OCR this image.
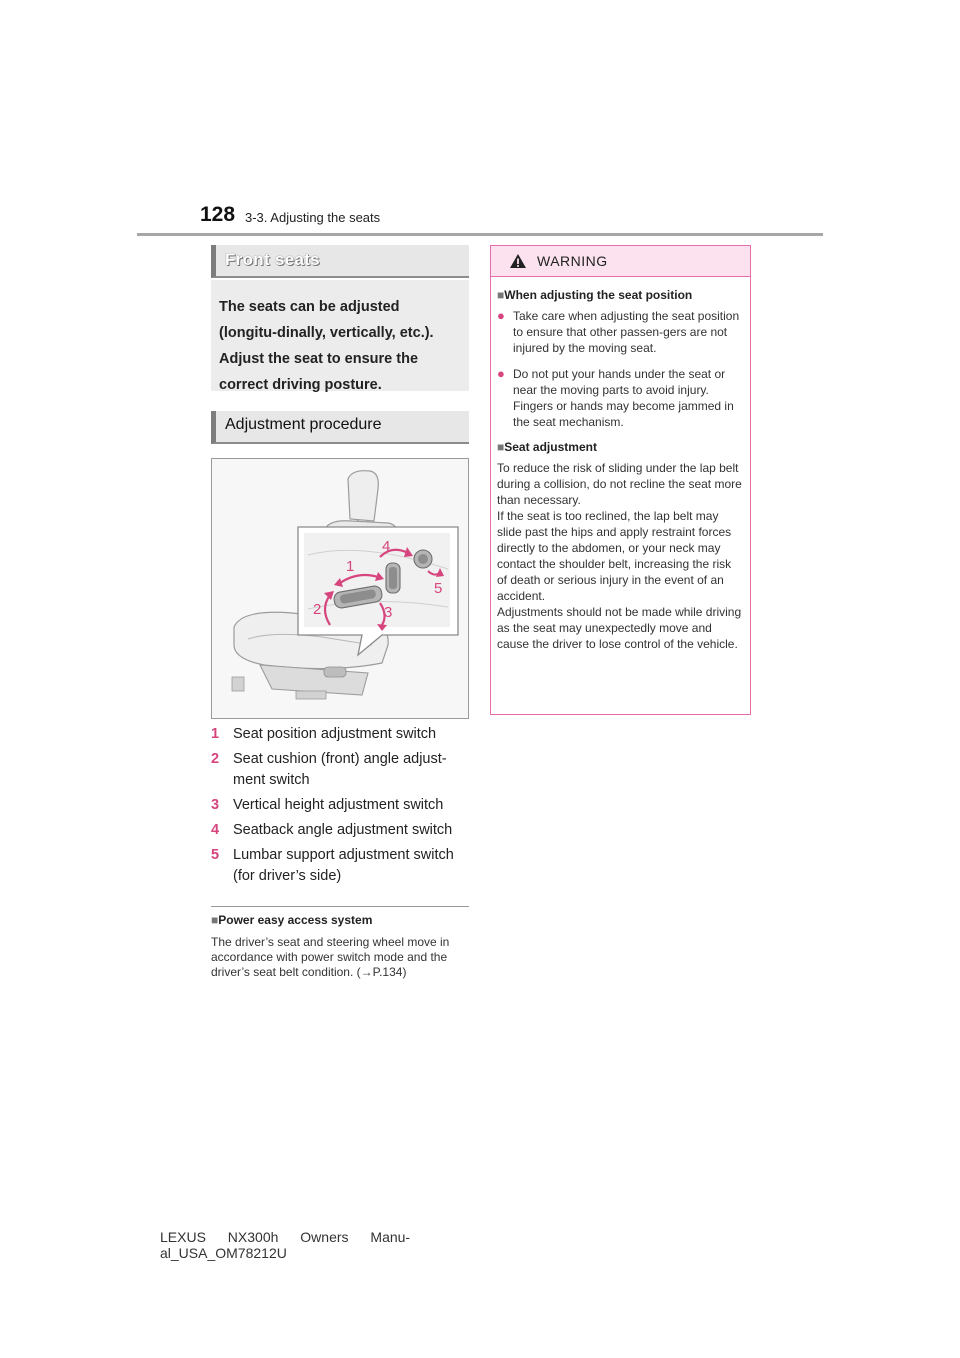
128 3-3. Adjusting the seats
Front seats

The seats can be adjusted (longitu-dinally, vertically, etc.). Adjust the seat to ensure the correct driving posture.

Adjustment procedure
1
2	3
4
5
1 Seat position adjustment switch
2 Seat cushion (front) angle adjust-ment switch
3 Vertical height adjustment switch
4 Seatback angle adjustment switch
5 Lumbar support adjustment switch (for driver’s side)
■Power easy access system
The driver’s seat and steering wheel move in accordance with power switch mode and the driver’s seat belt condition. (→P.134)
WARNING
■When adjusting the seat position
● Take care when adjusting the seat position to ensure that other passen-gers are not injured by the moving seat.
● Do not put your hands under the seat or near the moving parts to avoid injury.
Fingers or hands may become jammed in the seat mechanism.
■Seat adjustment
To reduce the risk of sliding under the lap belt during a collision, do not recline the seat more than necessary.
If the seat is too reclined, the lap belt may slide past the hips and apply restraint forces directly to the abdomen, or your neck may contact the shoulder belt, increasing the risk of death or serious injury in the event of an accident.
Adjustments should not be made while driving as the seat may unexpectedly move and cause the driver to lose control of the vehicle.
LEXUS NX300h Owners Manu-
al_USA_OM78212U
